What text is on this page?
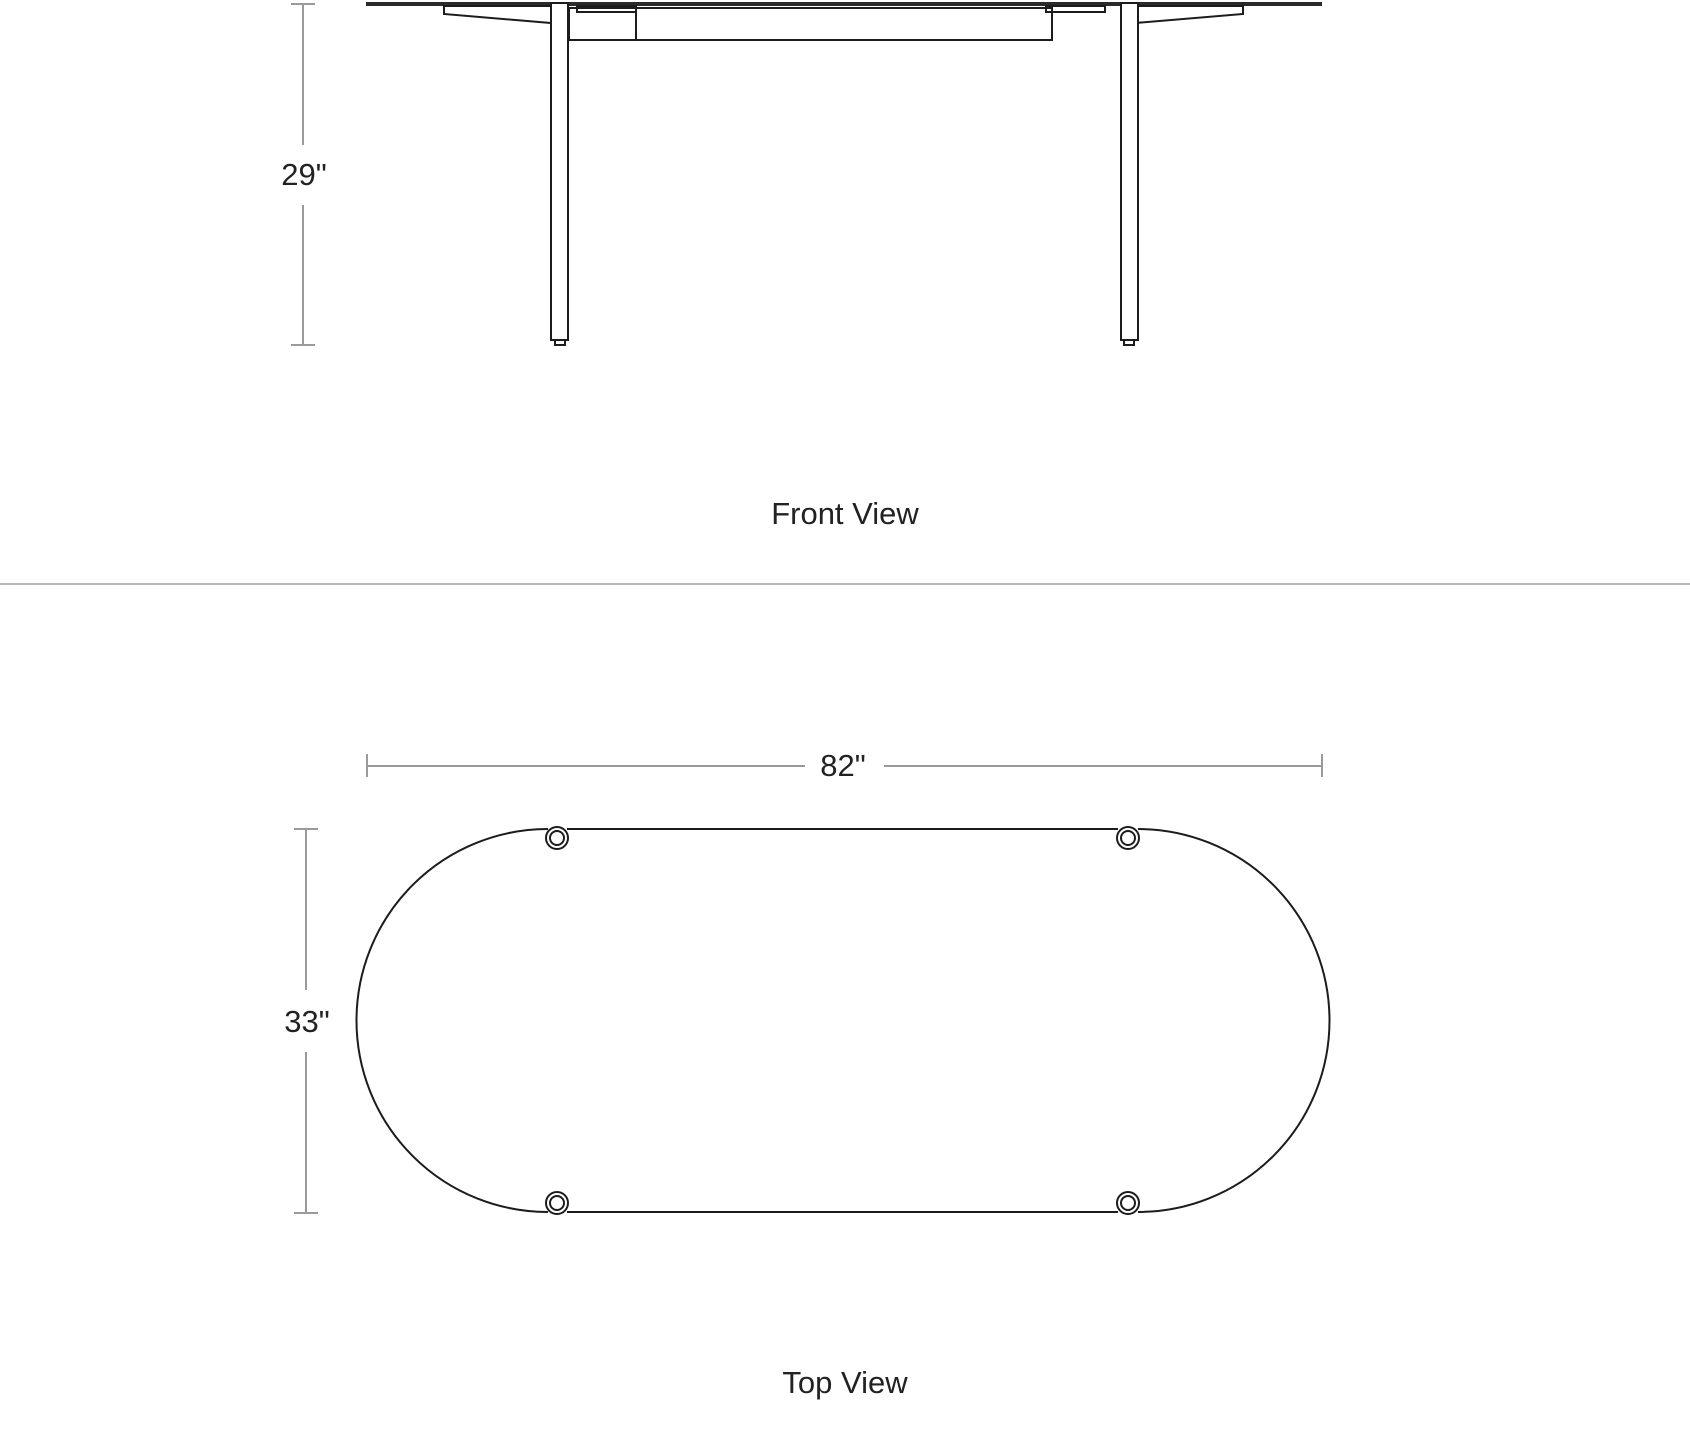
29"
Front View
82"
33"
Top View
